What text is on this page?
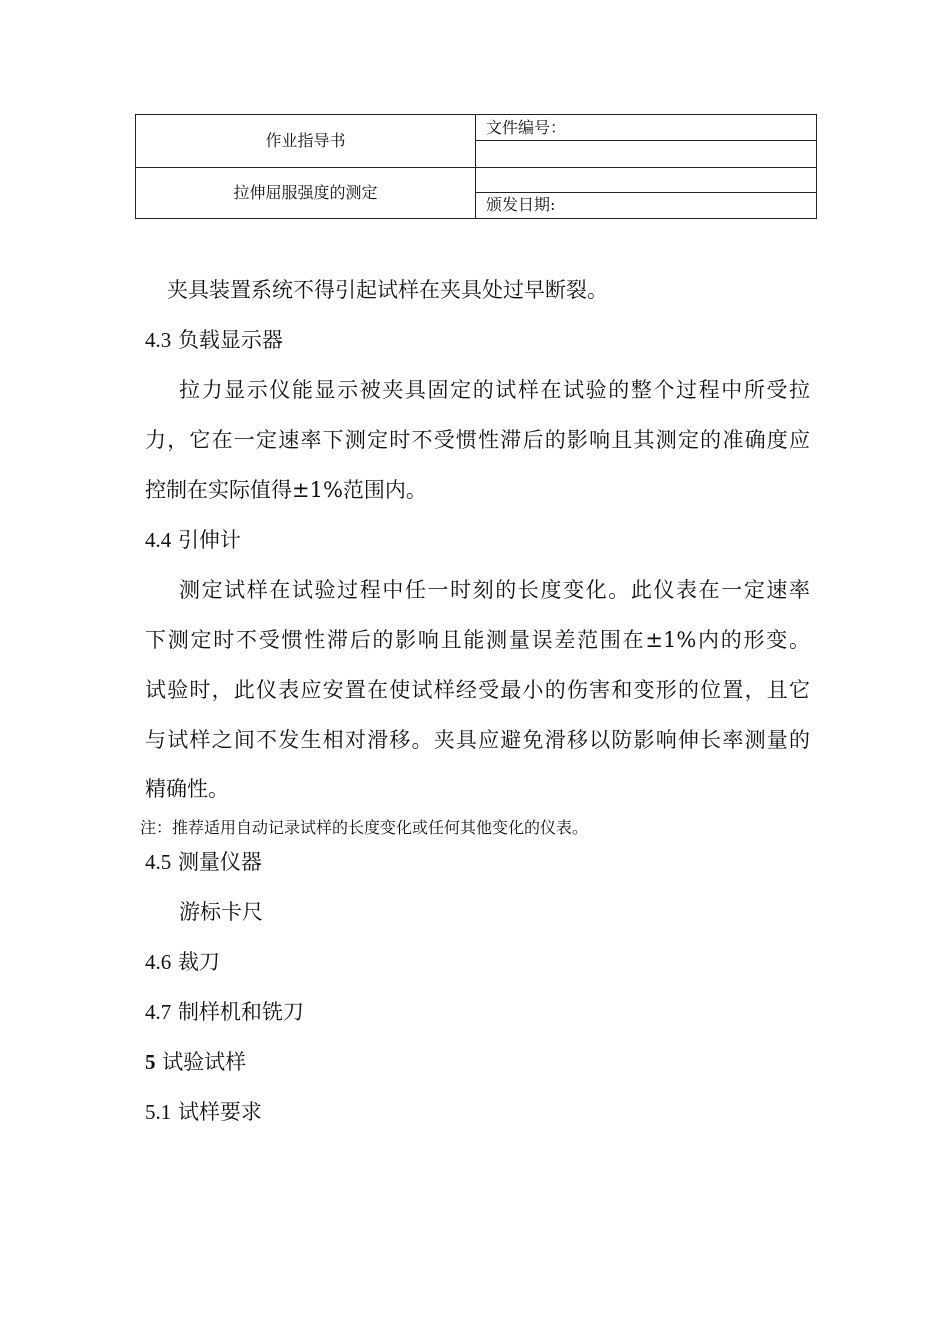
作业指导书	文件编号：

拉伸屈服强度的测定	
	颁发日期:
夹具装置系统不得引起试样在夹具处过早断裂。
4.3 负载显示器
拉力显示仪能显示被夹具固定的试样在试验的整个过程中所受拉
力，它在一定速率下测定时不受惯性滞后的影响且其测定的准确度应
控制在实际值得±1%范围内。
4.4 引伸计
测定试样在试验过程中任一时刻的长度变化。此仪表在一定速率
下测定时不受惯性滞后的影响且能测量误差范围在±1%内的形变。
试验时，此仪表应安置在使试样经受最小的伤害和变形的位置，且它
与试样之间不发生相对滑移。夹具应避免滑移以防影响伸长率测量的
精确性。
注：推荐适用自动记录试样的长度变化或任何其他变化的仪表。
4.5 测量仪器
游标卡尺
4.6 裁刀
4.7 制样机和铣刀
5 试验试样
5.1 试样要求
